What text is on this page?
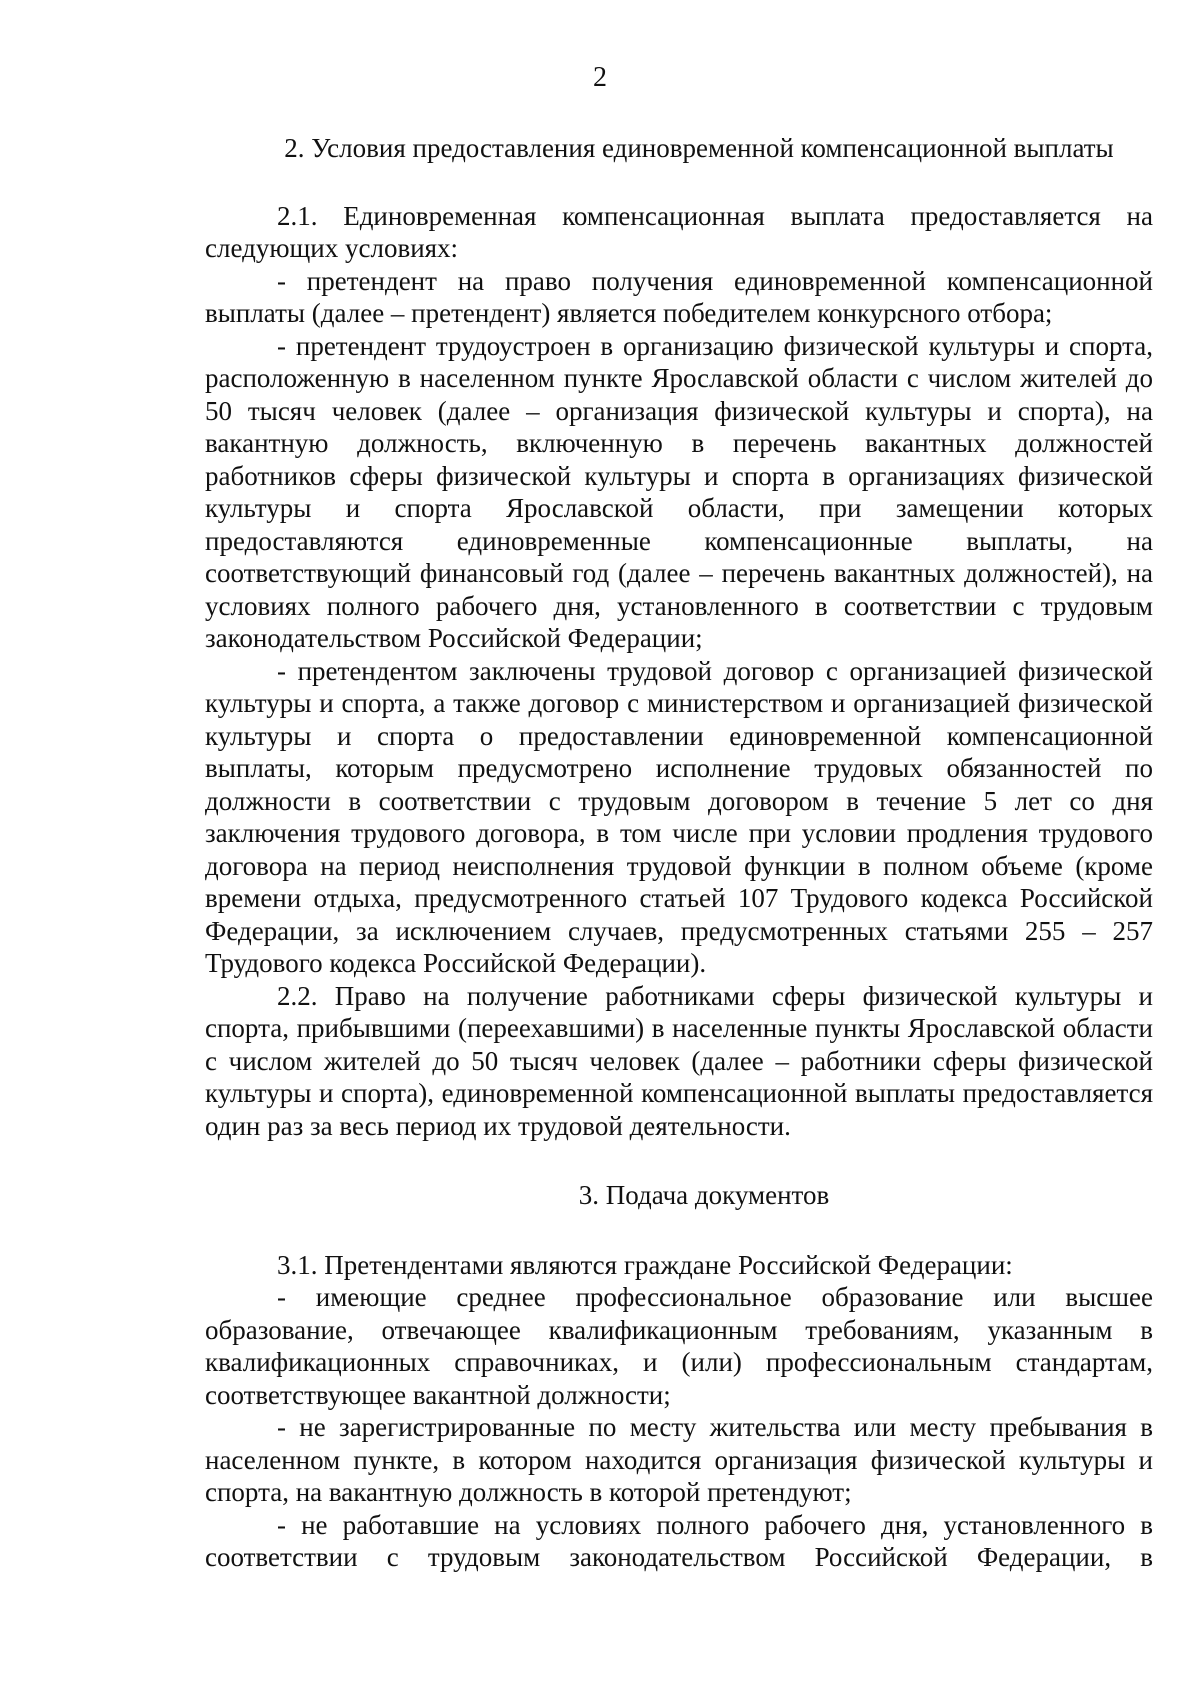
2
2. Условия предоставления единовременной компенсационной выплаты

2.1. Единовременная компенсационная выплата предоставляется на следующих условиях:

- претендент на право получения единовременной компенсационной выплаты (далее – претендент) является победителем конкурсного отбора;

- претендент трудоустроен в организацию физической культуры и спорта, расположенную в населенном пункте Ярославской области с числом жителей до 50 тысяч человек (далее – организация физической культуры и спорта), на вакантную должность, включенную в перечень вакантных должностей работников сферы физической культуры и спорта в организациях физической культуры и спорта Ярославской области, при замещении которых предоставляются единовременные компенсационные выплаты, на соответствующий финансовый год (далее – перечень вакантных должностей), на условиях полного рабочего дня, установленного в соответствии с трудовым законодательством Российской Федерации;

- претендентом заключены трудовой договор с организацией физической культуры и спорта, а также договор с министерством и организацией физической культуры и спорта о предоставлении единовременной компенсационной выплаты, которым предусмотрено исполнение трудовых обязанностей по должности в соответствии с трудовым договором в течение 5 лет со дня заключения трудового договора, в том числе при условии продления трудового договора на период неисполнения трудовой функции в полном объеме (кроме времени отдыха, предусмотренного статьей 107 Трудового кодекса Российской Федерации, за исключением случаев, предусмотренных статьями 255 – 257 Трудового кодекса Российской Федерации).

2.2. Право на получение работниками сферы физической культуры и спорта, прибывшими (переехавшими) в населенные пункты Ярославской области с числом жителей до 50 тысяч человек (далее – работники сферы физической культуры и спорта), единовременной компенсационной выплаты предоставляется один раз за весь период их трудовой деятельности.

3. Подача документов

3.1. Претендентами являются граждане Российской Федерации:

- имеющие среднее профессиональное образование или высшее образование, отвечающее квалификационным требованиям, указанным в квалификационных справочниках, и (или) профессиональным стандартам, соответствующее вакантной должности;

- не зарегистрированные по месту жительства или месту пребывания в населенном пункте, в котором находится организация физической культуры и спорта, на вакантную должность в которой претендуют;

- не работавшие на условиях полного рабочего дня, установленного в соответствии с трудовым законодательством Российской Федерации, в
